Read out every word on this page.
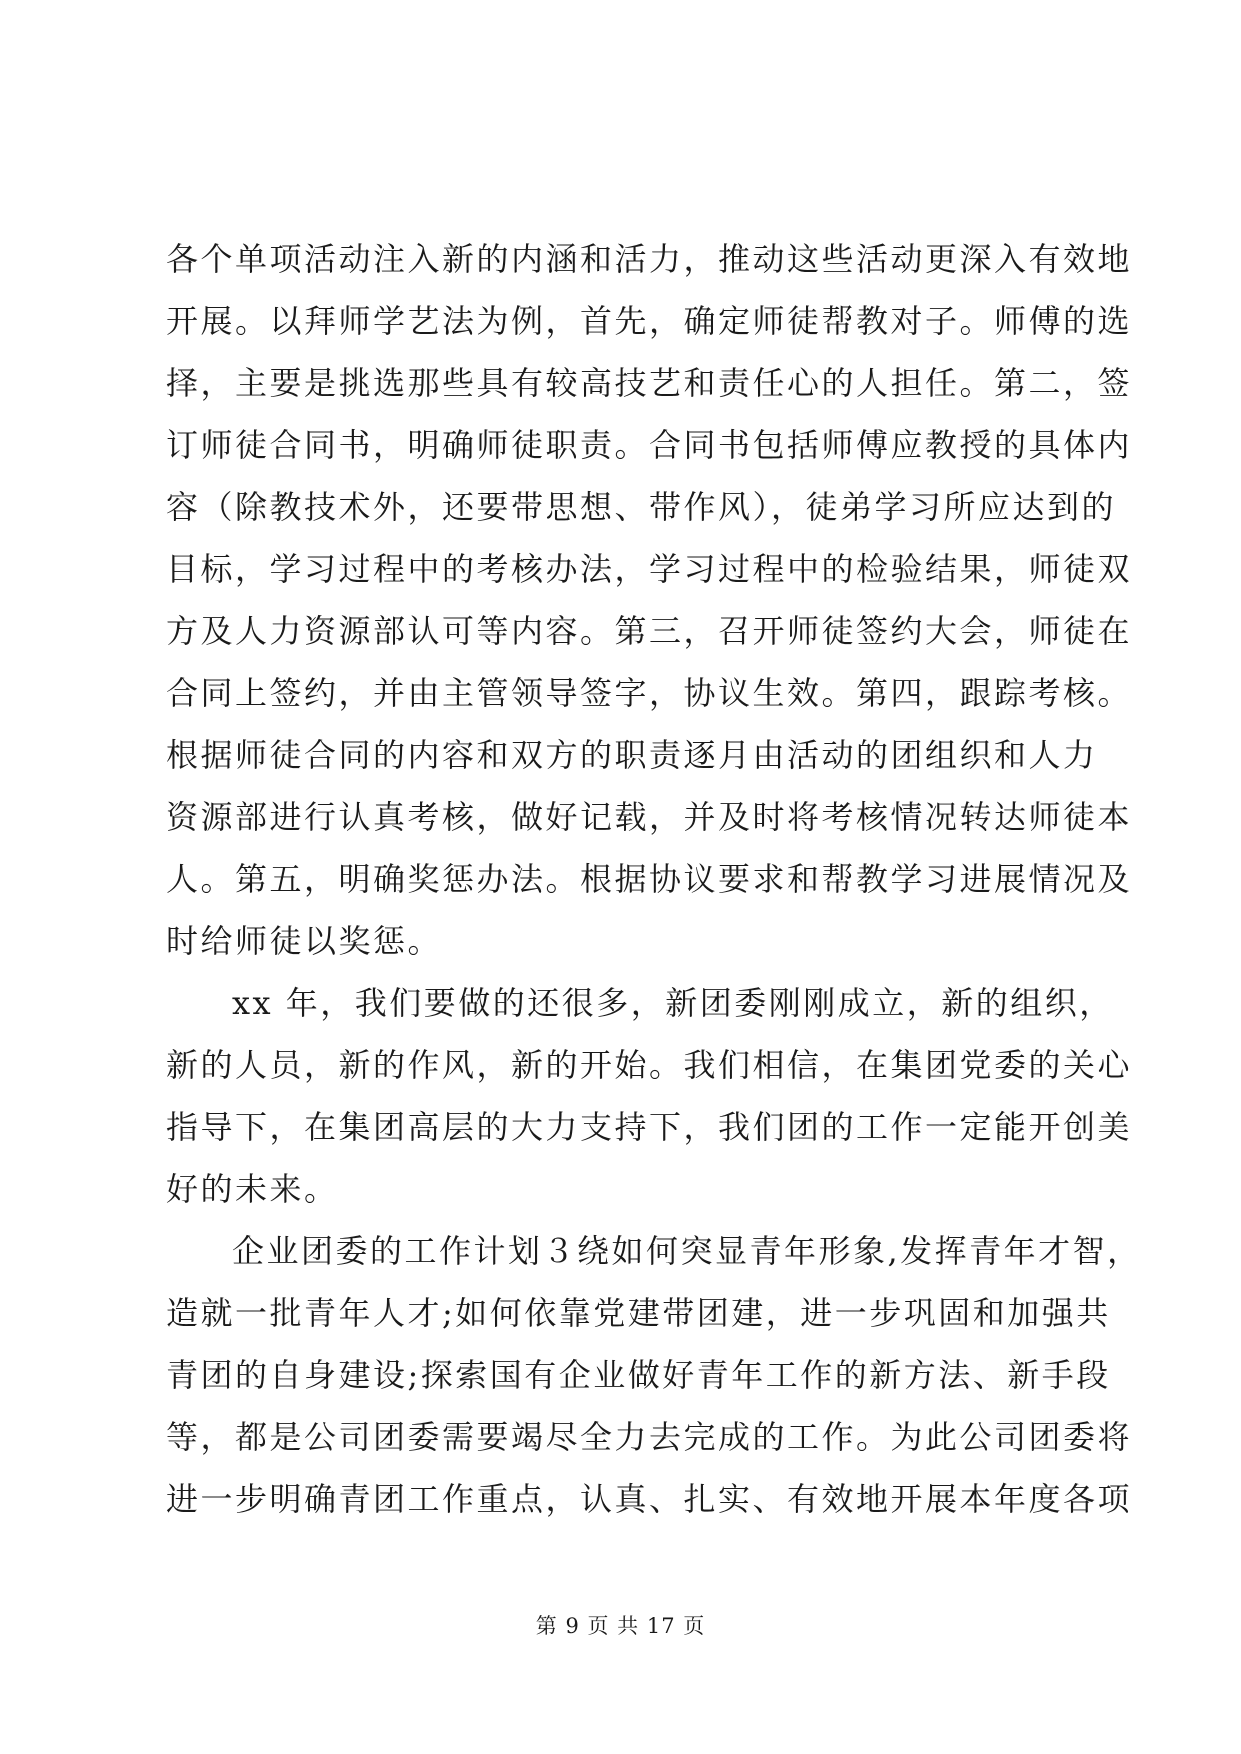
各个单项活动注入新的内涵和活力，推动这些活动更深入有效地
开展。以拜师学艺法为例，首先，确定师徒帮教对子。师傅的选
择，主要是挑选那些具有较高技艺和责任心的人担任。第二，签
订师徒合同书，明确师徒职责。合同书包括师傅应教授的具体内
容（除教技术外，还要带思想、带作风），徒弟学习所应达到的
目标，学习过程中的考核办法，学习过程中的检验结果，师徒双
方及人力资源部认可等内容。第三，召开师徒签约大会，师徒在
合同上签约，并由主管领导签字，协议生效。第四，跟踪考核。
根据师徒合同的内容和双方的职责逐月由活动的团组织和人力
资源部进行认真考核，做好记载，并及时将考核情况转达师徒本
人。第五，明确奖惩办法。根据协议要求和帮教学习进展情况及
时给师徒以奖惩。
xx 年，我们要做的还很多，新团委刚刚成立，新的组织，
新的人员，新的作风，新的开始。我们相信，在集团党委的关心
指导下，在集团高层的大力支持下，我们团的工作一定能开创美
好的未来。
企业团委的工作计划３绕如何突显青年形象,发挥青年才智，
造就一批青年人才;如何依靠党建带团建，进一步巩固和加强共
青团的自身建设;探索国有企业做好青年工作的新方法、新手段
等，都是公司团委需要竭尽全力去完成的工作。为此公司团委将
进一步明确青团工作重点，认真、扎实、有效地开展本年度各项
第 9 页 共 17 页
